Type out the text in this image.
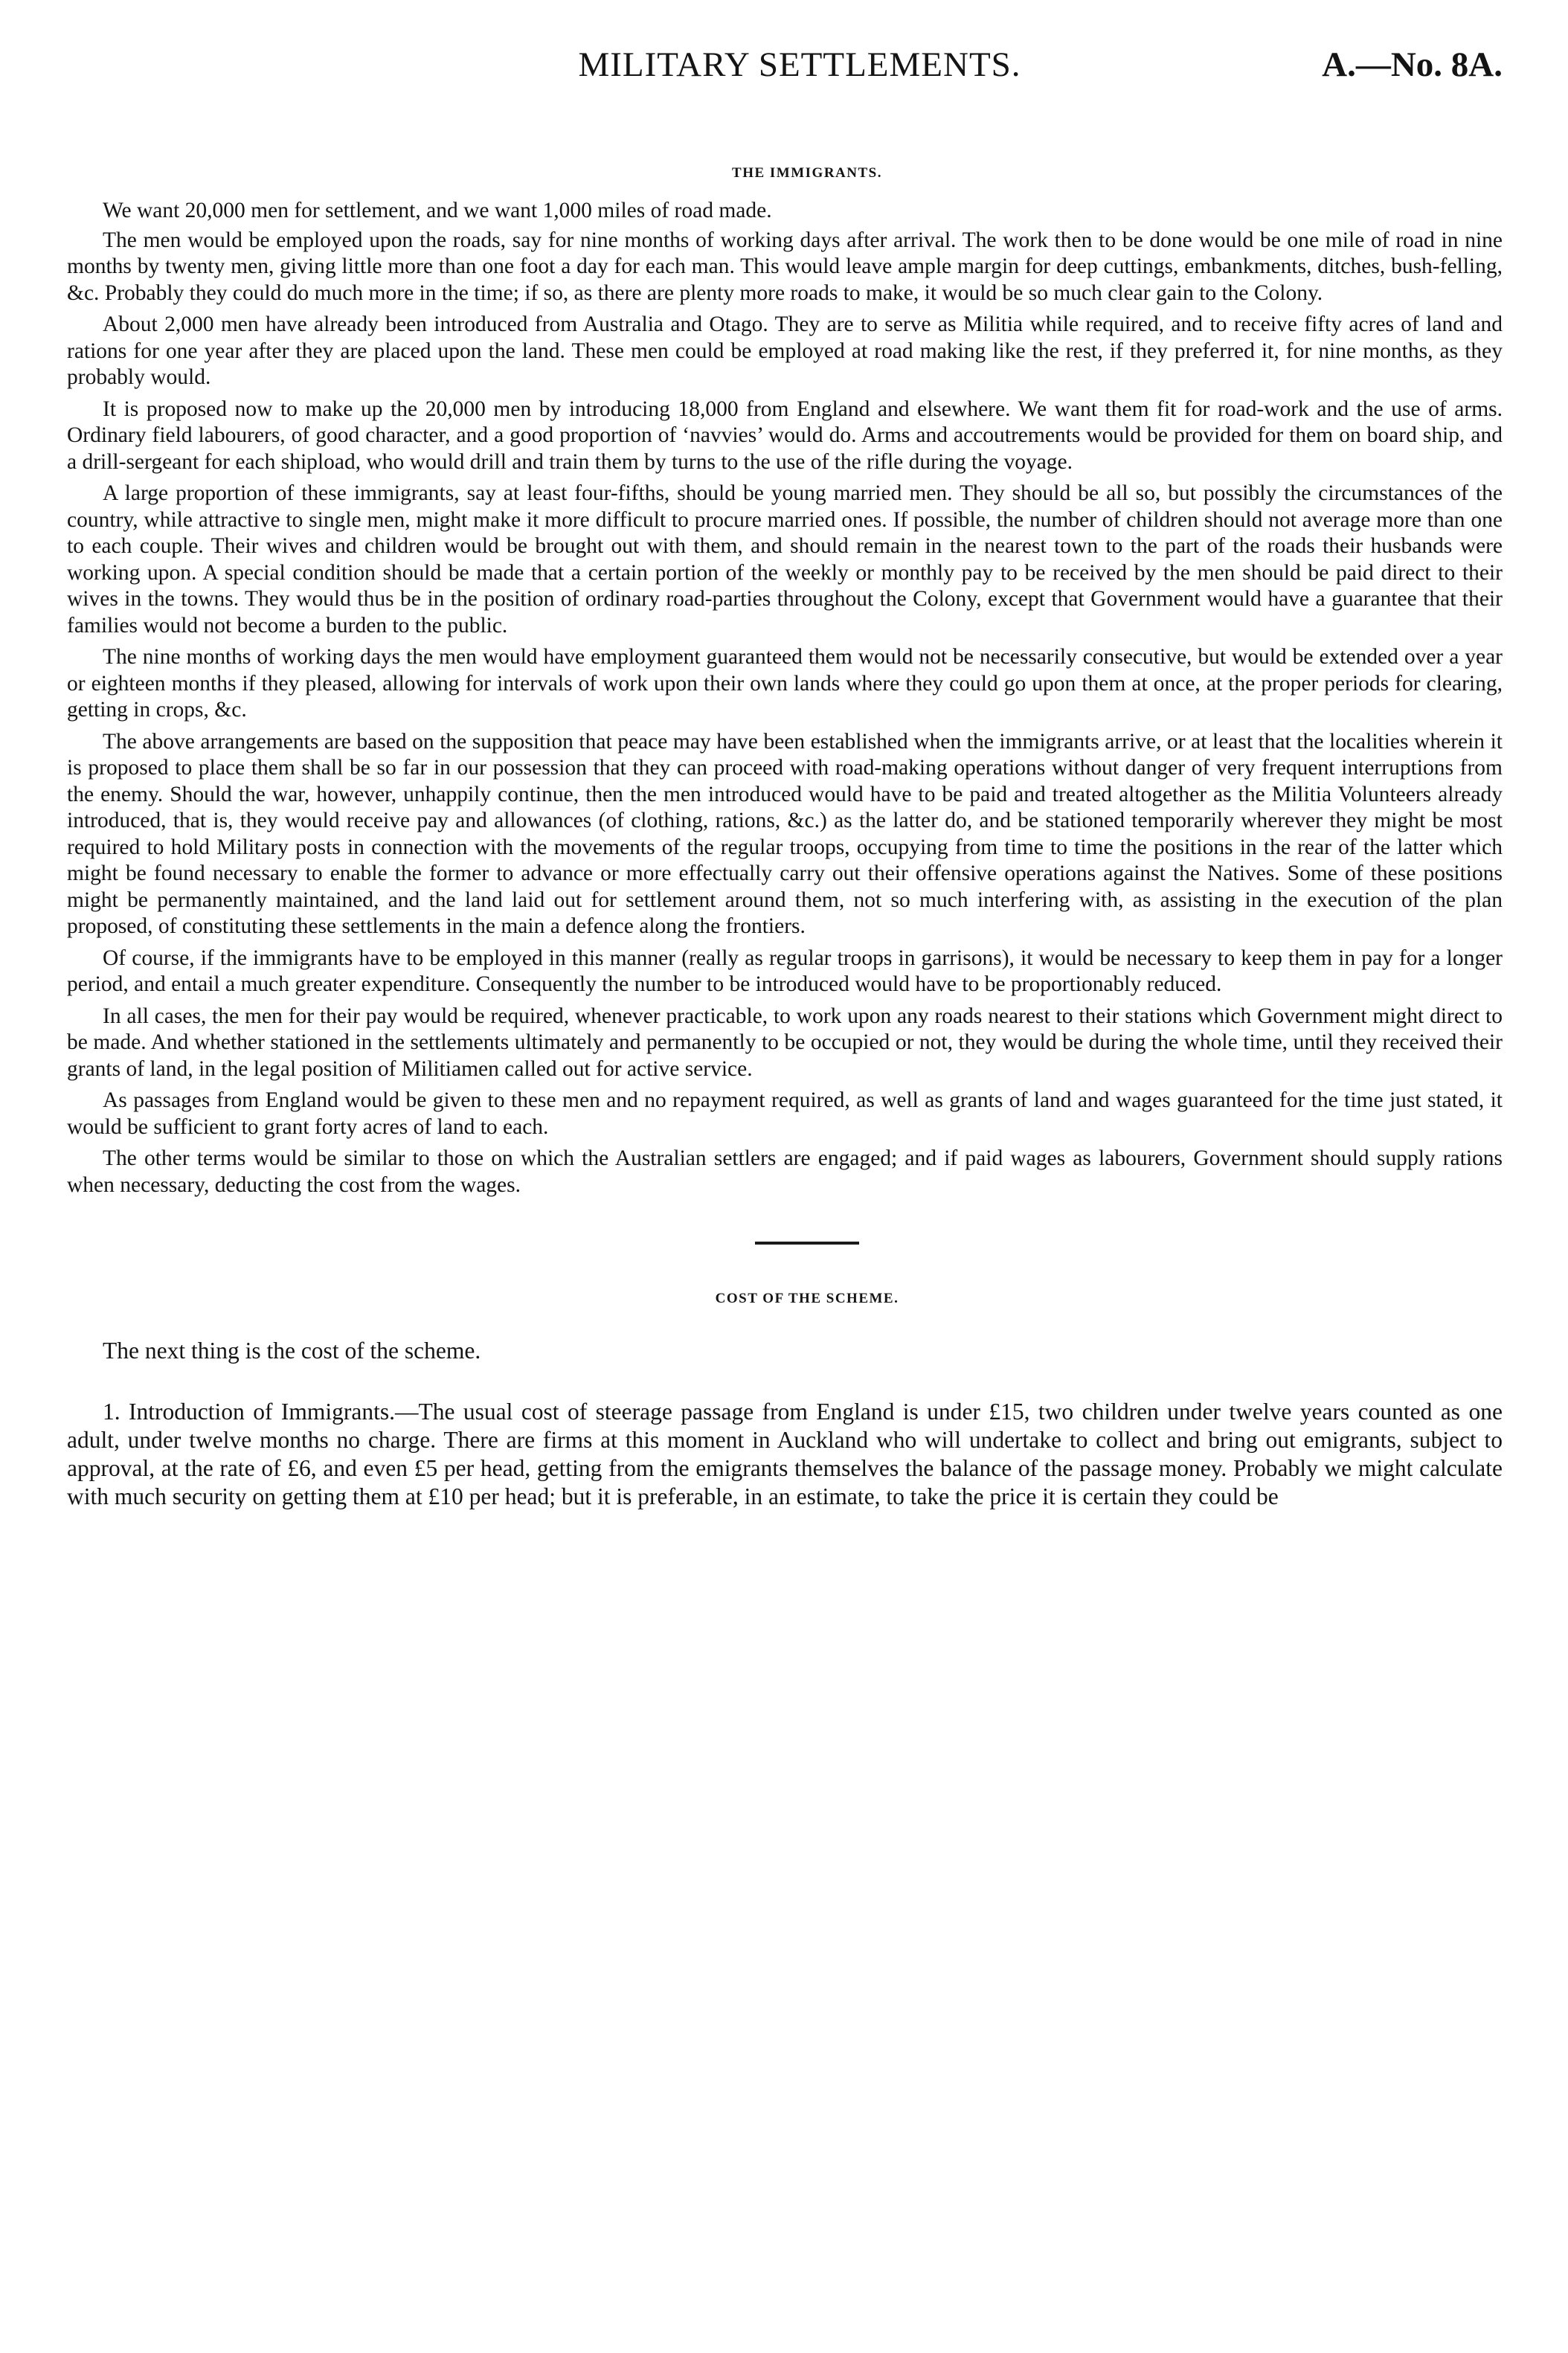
MILITARY SETTLEMENTS.	A.—No. 8A.
THE IMMIGRANTS.

We want 20,000 men for settlement, and we want 1,000 miles of road made.

The men would be employed upon the roads, say for nine months of working days after arrival. The work then to be done would be one mile of road in nine months by twenty men, giving little more than one foot a day for each man. This would leave ample margin for deep cuttings, embankments, ditches, bush-felling, &c. Probably they could do much more in the time; if so, as there are plenty more roads to make, it would be so much clear gain to the Colony.

About 2,000 men have already been introduced from Australia and Otago. They are to serve as Militia while required, and to receive fifty acres of land and rations for one year after they are placed upon the land. These men could be employed at road making like the rest, if they preferred it, for nine months, as they probably would.

It is proposed now to make up the 20,000 men by introducing 18,000 from England and elsewhere. We want them fit for road-work and the use of arms. Ordinary field labourers, of good character, and a good proportion of ‘navvies’ would do. Arms and accoutrements would be provided for them on board ship, and a drill-sergeant for each shipload, who would drill and train them by turns to the use of the rifle during the voyage.

A large proportion of these immigrants, say at least four-fifths, should be young married men. They should be all so, but possibly the circumstances of the country, while attractive to single men, might make it more difficult to procure married ones. If possible, the number of children should not average more than one to each couple. Their wives and children would be brought out with them, and should remain in the nearest town to the part of the roads their husbands were working upon. A special condition should be made that a certain portion of the weekly or monthly pay to be received by the men should be paid direct to their wives in the towns. They would thus be in the position of ordinary road-parties throughout the Colony, except that Government would have a guarantee that their families would not become a burden to the public.

The nine months of working days the men would have employment guaranteed them would not be necessarily consecutive, but would be extended over a year or eighteen months if they pleased, allowing for intervals of work upon their own lands where they could go upon them at once, at the proper periods for clearing, getting in crops, &c.

The above arrangements are based on the supposition that peace may have been established when the immigrants arrive, or at least that the localities wherein it is proposed to place them shall be so far in our possession that they can proceed with road-making operations without danger of very frequent interruptions from the enemy. Should the war, however, unhappily continue, then the men introduced would have to be paid and treated altogether as the Militia Volunteers already introduced, that is, they would receive pay and allowances (of clothing, rations, &c.) as the latter do, and be stationed temporarily wherever they might be most required to hold Military posts in connection with the movements of the regular troops, occupying from time to time the positions in the rear of the latter which might be found necessary to enable the former to advance or more effectually carry out their offensive operations against the Natives. Some of these positions might be permanently maintained, and the land laid out for settlement around them, not so much interfering with, as assisting in the execution of the plan proposed, of constituting these settlements in the main a defence along the frontiers.

Of course, if the immigrants have to be employed in this manner (really as regular troops in garrisons), it would be necessary to keep them in pay for a longer period, and entail a much greater expenditure. Consequently the number to be introduced would have to be proportionably reduced.

In all cases, the men for their pay would be required, whenever practicable, to work upon any roads nearest to their stations which Government might direct to be made. And whether stationed in the settlements ultimately and permanently to be occupied or not, they would be during the whole time, until they received their grants of land, in the legal position of Militiamen called out for active service.

As passages from England would be given to these men and no repayment required, as well as grants of land and wages guaranteed for the time just stated, it would be sufficient to grant forty acres of land to each.

The other terms would be similar to those on which the Australian settlers are engaged; and if paid wages as labourers, Government should supply rations when necessary, deducting the cost from the wages.

COST OF THE SCHEME.

The next thing is the cost of the scheme.

1. Introduction of Immigrants.—The usual cost of steerage passage from England is under £15, two children under twelve years counted as one adult, under twelve months no charge. There are firms at this moment in Auckland who will undertake to collect and bring out emigrants, subject to approval, at the rate of £6, and even £5 per head, getting from the emigrants themselves the balance of the passage money. Probably we might calculate with much security on getting them at £10 per head; but it is preferable, in an estimate, to take the price it is certain they could be
